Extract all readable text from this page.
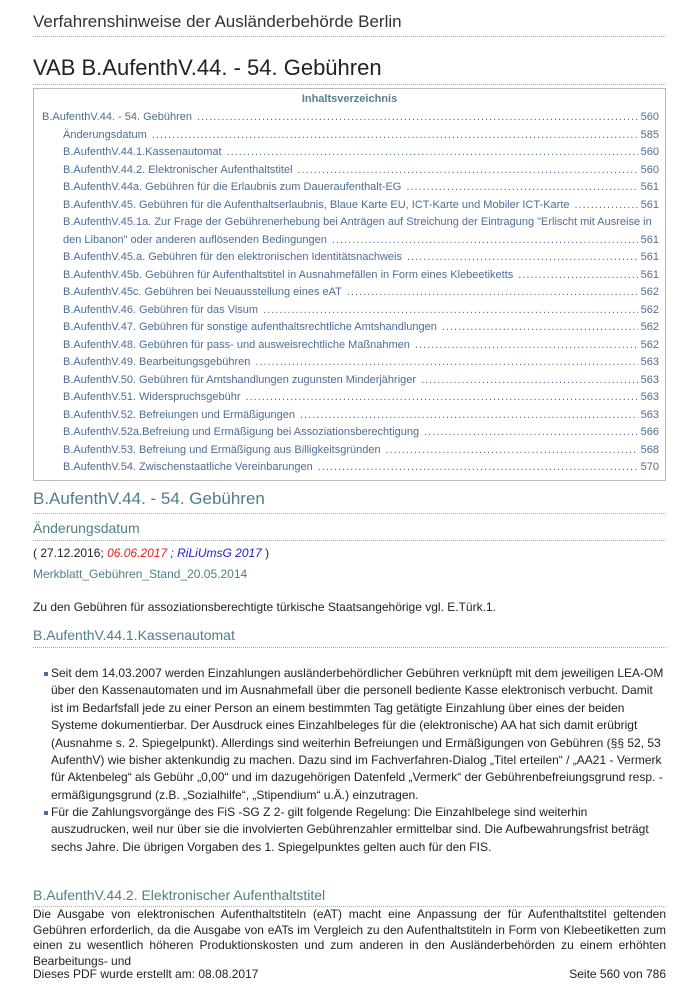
Verfahrenshinweise der Ausländerbehörde Berlin
VAB B.AufenthV.44. - 54. Gebühren
Inhaltsverzeichnis
B.AufenthV.44. - 54. Gebühren .....	560
Änderungsdatum .....	585
B.AufenthV.44.1.Kassenautomat .....	560
B.AufenthV.44.2. Elektronischer Aufenthaltstitel .....	560
B.AufenthV.44a. Gebühren für die Erlaubnis zum Daueraufenthalt-EG .....	561
B.AufenthV.45. Gebühren für die Aufenthaltserlaubnis, Blaue Karte EU, ICT-Karte und Mobiler ICT-Karte .....	561
B.AufenthV.45.1a. Zur Frage der Gebührenerhebung bei Anträgen auf Streichung der Eintragung "Erlischt mit Ausreise in
den Libanon" oder anderen auflösenden Bedingungen .....	561
B.AufenthV.45.a. Gebühren für den elektronischen Identitätsnachweis .....	561
B.AufenthV.45b. Gebühren für Aufenthaltstitel in Ausnahmefällen in Form eines Klebeetiketts .....	561
B.AufenthV.45c. Gebühren bei Neuausstellung eines eAT .....	562
B.AufenthV.46. Gebühren für das Visum .....	562
B.AufenthV.47. Gebühren für sonstige aufenthaltsrechtliche Amtshandlungen .....	562
B.AufenthV.48. Gebühren für pass- und ausweisrechtliche Maßnahmen .....	562
B.AufenthV.49. Bearbeitungsgebühren .....	563
B.AufenthV.50. Gebühren für Amtshandlungen zugunsten Minderjähriger .....	563
B.AufenthV.51. Widerspruchsgebühr .....	563
B.AufenthV.52. Befreiungen und Ermäßigungen .....	563
B.AufenthV.52a.Befreiung und Ermäßigung bei Assoziationsberechtigung .....	566
B.AufenthV.53. Befreiung und Ermäßigung aus Billigkeitsgründen .....	568
B.AufenthV.54. Zwischenstaatliche Vereinbarungen .....	570
B.AufenthV.44. - 54. Gebühren
Änderungsdatum
( 27.12.2016; 06.06.2017 ; RiLiUmsG 2017 )
Merkblatt_Gebühren_Stand_20.05.2014
Zu den Gebühren für assoziationsberechtigte türkische Staatsangehörige vgl. E.Türk.1.
B.AufenthV.44.1.Kassenautomat
Seit dem 14.03.2007 werden Einzahlungen ausländerbehördlicher Gebühren verknüpft mit dem jeweiligen LEA-OM über den Kassenautomaten und im Ausnahmefall über die personell bediente Kasse elektronisch verbucht. Damit ist im Bedarfsfall jede zu einer Person an einem bestimmten Tag getätigte Einzahlung über eines der beiden Systeme dokumentierbar. Der Ausdruck eines Einzahlbeleges für die (elektronische) AA hat sich damit erübrigt (Ausnahme s. 2. Spiegelpunkt). Allerdings sind weiterhin Befreiungen und Ermäßigungen von Gebühren (§§ 52, 53 AufenthV) wie bisher aktenkundig zu machen. Dazu sind im Fachverfahren-Dialog „Titel erteilen“ / „AA21 - Vermerk für Aktenbeleg“ als Gebühr „0,00“ und im dazugehörigen Datenfeld „Vermerk“ der Gebührenbefreiungsgrund resp. -ermäßigungsgrund (z.B. „Sozialhilfe“, „Stipendium“ u.Ä.) einzutragen.
Für die Zahlungsvorgänge des FiS -SG Z 2- gilt folgende Regelung: Die Einzahlbelege sind weiterhin auszudrucken, weil nur über sie die involvierten Gebührenzahler ermittelbar sind. Die Aufbewahrungsfrist beträgt sechs Jahre. Die übrigen Vorgaben des 1. Spiegelpunktes gelten auch für den FIS.
B.AufenthV.44.2. Elektronischer Aufenthaltstitel
Die Ausgabe von elektronischen Aufenthaltstiteln (eAT) macht eine Anpassung der für Aufenthaltstitel geltenden Gebühren erforderlich, da die Ausgabe von eATs im Vergleich zu den Aufenthaltstiteln in Form von Klebeetiketten zum einen zu wesentlich höheren Produktionskosten und zum anderen in den Ausländerbehörden zu einem erhöhten Bearbeitungs- und
Dieses PDF wurde erstellt am: 08.08.2017	Seite 560 von 786
